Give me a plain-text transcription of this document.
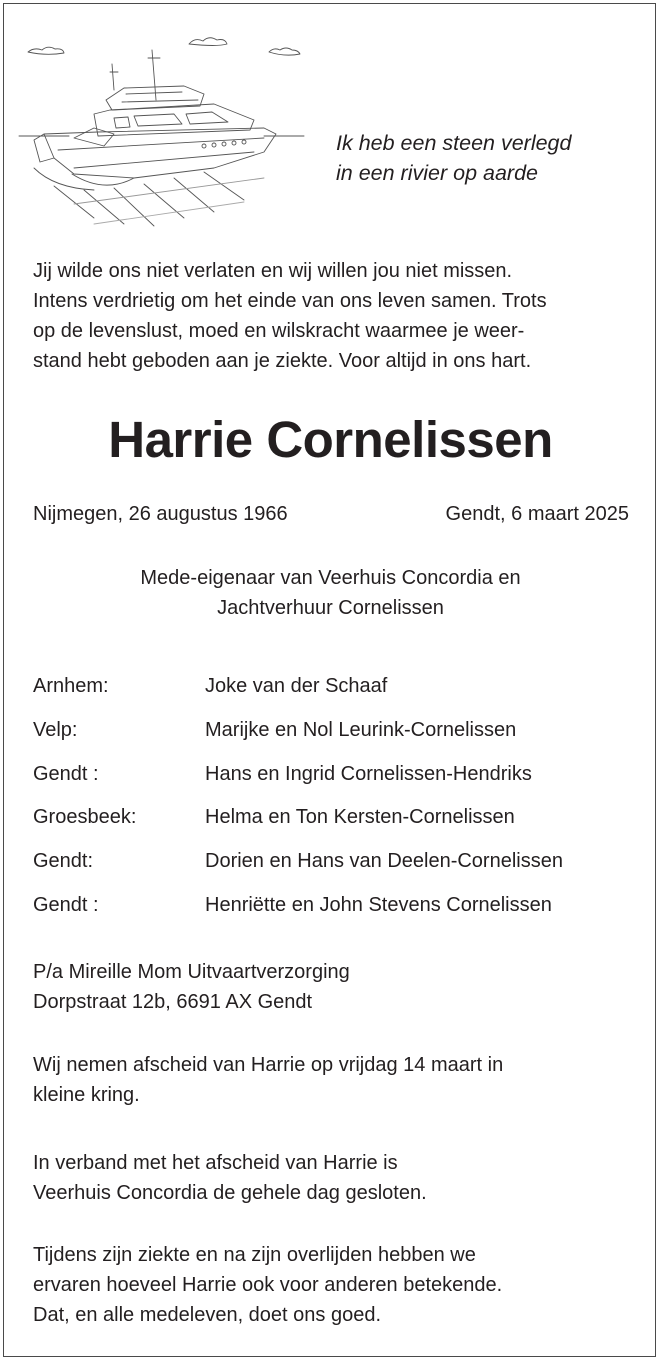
Ik heb een steen verlegd
in een rivier op aarde
Jij wilde ons niet verlaten en wij willen jou niet missen.
Intens verdrietig om het einde van ons leven samen. Trots
op de levenslust, moed en wilskracht waarmee je weer-
stand hebt geboden aan je ziekte. Voor altijd in ons hart.
Harrie Cornelissen
Nijmegen, 26 augustus 1966	Gendt, 6 maart 2025
Mede-eigenaar van Veerhuis Concordia en
Jachtverhuur Cornelissen
Arnhem:	Joke van der Schaaf
Velp:	Marijke en Nol Leurink-Cornelissen
Gendt :	Hans en Ingrid Cornelissen-Hendriks
Groesbeek:	Helma en Ton Kersten-Cornelissen
Gendt:	Dorien en Hans van Deelen-Cornelissen
Gendt :	Henriëtte en John Stevens Cornelissen
P/a Mireille Mom Uitvaartverzorging
Dorpstraat 12b, 6691 AX Gendt
Wij nemen afscheid van Harrie op vrijdag 14 maart in
kleine kring.
In verband met het afscheid van Harrie is
Veerhuis Concordia de gehele dag gesloten.
Tijdens zijn ziekte en na zijn overlijden hebben we
ervaren hoeveel Harrie ook voor anderen betekende.
Dat, en alle medeleven, doet ons goed.
